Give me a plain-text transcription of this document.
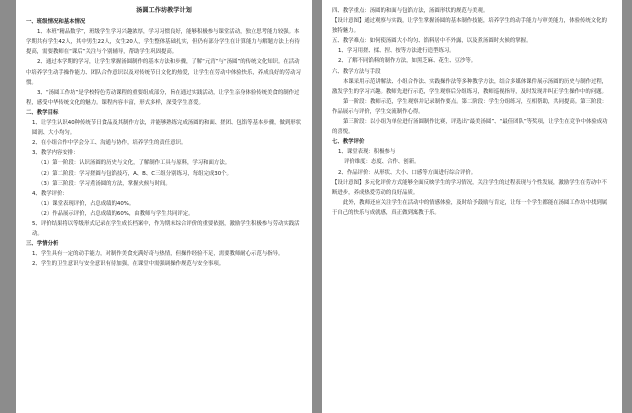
汤圆工作坊教学计划
一、班级情况和基本情况
1、本班“精品数学”，班级学生学习兴趣浓厚，学习习惯良好，能够积极参与课堂活动，独立思考能力较强。本学期共有学生42人，其中男生22人，女生20人，学生整体基础扎实，但仍有部分学生在计算能力与解题方法上有待提高，需要教师在“课后”关注与个别辅导，帮助学生巩固提高。
2、通过本学期的学习，让学生掌握汤圆制作的基本方法和步骤，了解“元宵”与“汤圆”的传统文化知识。在活动中培养学生动手操作能力、团队合作意识以及对传统节日文化的热爱，让学生在劳动中体验快乐，养成良好的劳动习惯。
3、“汤圆工作坊”是学校特色劳动课程的重要组成部分，旨在通过实践活动，让学生亲身体验传统美食的制作过程，感受中华传统文化的魅力。课程内容丰富，形式多样，深受学生喜爱。
二、教学目标
1、让学生认识40种传统节日食品及其制作方法，并能够熟练完成汤圆的和面、搓团、包馅等基本步骤，做到形状圆润、大小均匀。
2、在小组合作中学会分工、沟通与协作，培养学生的责任意识。
3、教学内容安排：
（1）第一阶段：认识汤圆的历史与文化，了解制作工具与原料，学习和面方法。
（2）第二阶段：学习搓圆与包馅技巧，A、B、C三组分别练习，每组完成30个。
（3）第三阶段：学习煮汤圆的方法，掌握火候与时间。
4、教学评价：
（1）课堂表现评价，占总成绩的40%。
（2）作品展示评价，占总成绩的60%，由教师与学生共同评定。
5、评价结果将以等级形式记录在学生成长档案中，作为期末综合评价的重要依据，激励学生积极参与劳动实践活动。
三、学情分析
1、学生具有一定的动手能力，对制作美食充满好奇与热情，但操作经验不足，需要教师耐心示范与指导。
2、学生的卫生意识与安全意识有待加强，在课堂中需强调操作规范与安全事项。
四、教学重点：汤圆的和面与包馅方法，汤圆形状的规范与美观。
【设计意图】通过观察与实践，让学生掌握汤圆的基本制作技能，培养学生的动手能力与审美能力，体验传统文化的独特魅力。
五、教学难点：如何使汤圆大小均匀、馅料居中不外露，以及煮汤圆时火候的掌握。
1、学习用搓、揉、捏、按等方法进行造型练习。
2、了解不同馅料的制作方法，如黑芝麻、花生、豆沙等。
六、教学方法与手段
本课采用示范讲解法、小组合作法、实践操作法等多种教学方法，结合多媒体课件展示汤圆的历史与制作过程，激发学生的学习兴趣。教师先进行示范，学生观察后分组练习，教师巡视指导，及时发现并纠正学生操作中的问题。
第一阶段：教师示范，学生观察并记录制作要点。第二阶段：学生分组练习，互相帮助，共同提高。第三阶段：作品展示与评价，学生交流制作心得。
第三阶段：以小组为单位进行汤圆制作比赛，评选出“最美汤圆”、“最佳团队”等奖项，让学生在竞争中体验成功的喜悦。
七、教学评价
1、课堂表现：积极参与
评价维度：态度、合作、创新。
2、作品评价：从形状、大小、口感等方面进行综合评价。
【设计意图】多元化评价方式能够全面反映学生的学习情况，关注学生的过程表现与个性发展，激励学生在劳动中不断进步，养成热爱劳动的良好品质。
此外，教师还应关注学生在活动中的情感体验，及时给予鼓励与肯定，让每一个学生都能在汤圆工作坊中找到属于自己的快乐与成就感，真正做到寓教于乐。
启航
IT194.COM
